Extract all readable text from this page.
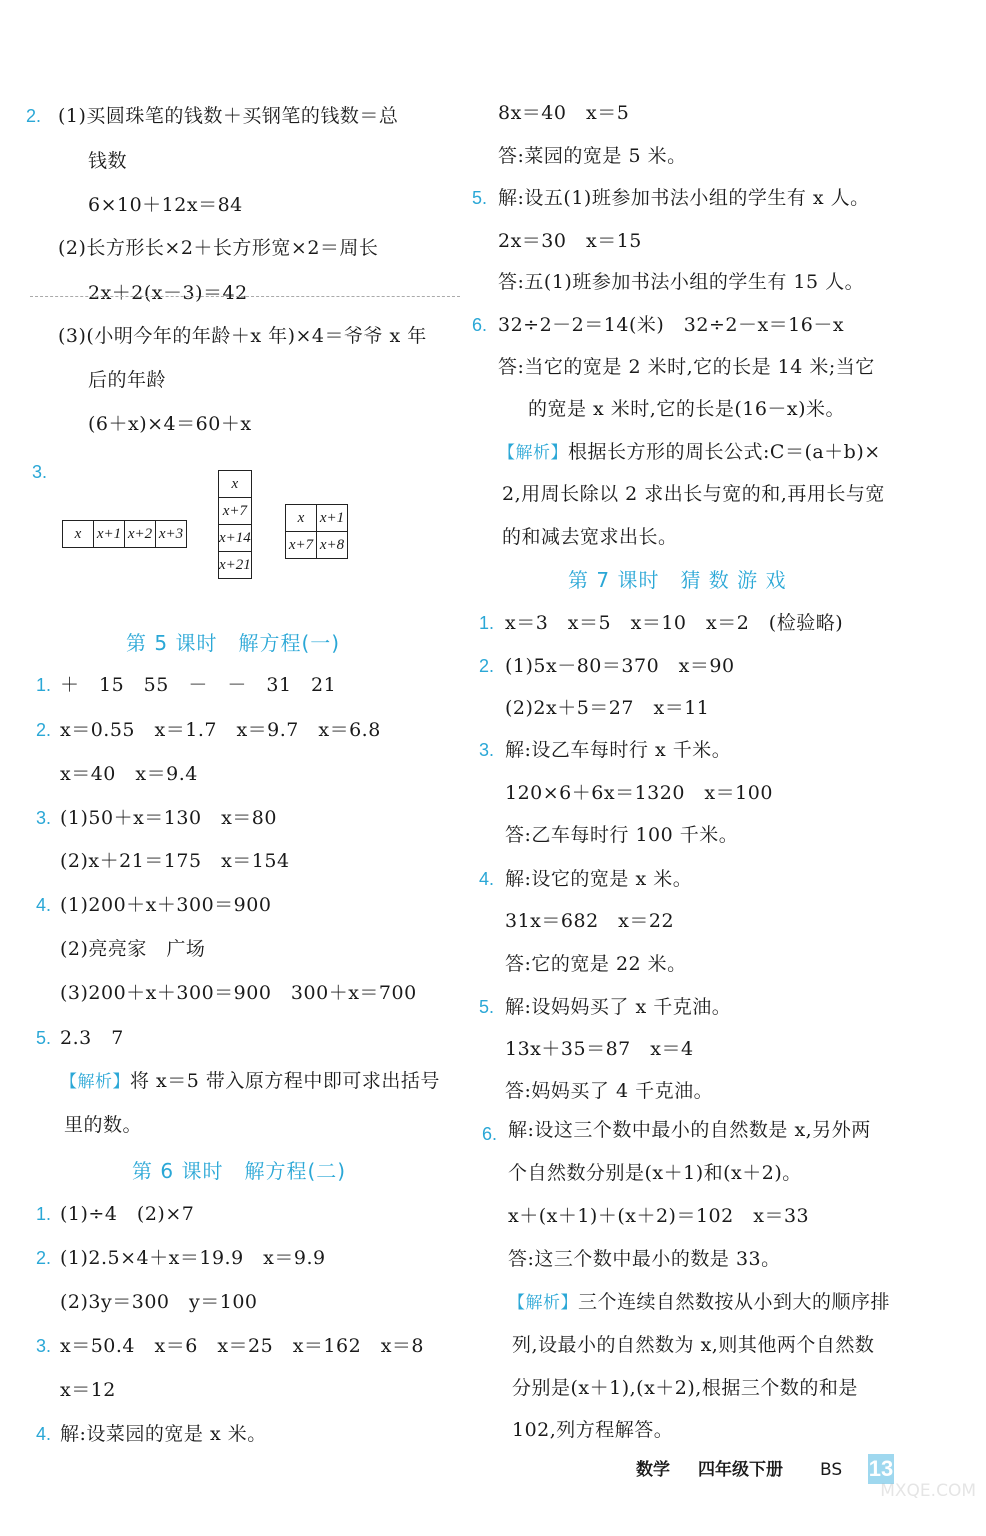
2. (1)买圆珠笔的钱数＋买钢笔的钱数＝总
钱数
6×10＋12x＝84
(2)长方形长×2＋长方形宽×2＝周长
2x＋2(x－3)＝42
(3)(小明今年的年龄＋x 年)×4＝爷爷 x 年
后的年龄
(6＋x)×4＝60＋x
3.
x	x+1	x+2	x+3
x
x+7
x+14
x+21
x	x+1
x+7	x+8
第 5 课时　解方程(一)
1. ＋　15　55　－　－　31　21
2. x＝0.55　x＝1.7　x＝9.7　x＝6.8
x＝40　x＝9.4
3. (1)50＋x＝130　x＝80
(2)x＋21＝175　x＝154
4. (1)200＋x＋300＝900
(2)亮亮家　广场
(3)200＋x＋300＝900　300＋x＝700
5. 2.3　7
【解析】将 x＝5 带入原方程中即可求出括号
里的数。
第 6 课时　解方程(二)
1. (1)÷4　(2)×7
2. (1)2.5×4＋x＝19.9　x＝9.9
(2)3y＝300　y＝100
3. x＝50.4　x＝6　x＝25　x＝162　x＝8
x＝12
4. 解:设菜园的宽是 x 米。
8x＝40　x＝5
答:菜园的宽是 5 米。
5. 解:设五(1)班参加书法小组的学生有 x 人。
2x＝30　x＝15
答:五(1)班参加书法小组的学生有 15 人。
6. 32÷2－2＝14(米)　32÷2－x＝16－x
答:当它的宽是 2 米时,它的长是 14 米;当它
的宽是 x 米时,它的长是(16－x)米。
【解析】根据长方形的周长公式:C＝(a＋b)×
2,用周长除以 2 求出长与宽的和,再用长与宽
的和减去宽求出长。
第 7 课时　猜 数 游 戏
1. x＝3　x＝5　x＝10　x＝2　(检验略)
2. (1)5x－80＝370　x＝90
(2)2x＋5＝27　x＝11
3. 解:设乙车每时行 x 千米。
120×6＋6x＝1320　x＝100
答:乙车每时行 100 千米。
4. 解:设它的宽是 x 米。
31x＝682　x＝22
答:它的宽是 22 米。
5. 解:设妈妈买了 x 千克油。
13x＋35＝87　x＝4
答:妈妈买了 4 千克油。
6. 解:设这三个数中最小的自然数是 x,另外两
个自然数分别是(x＋1)和(x＋2)。
x＋(x＋1)＋(x＋2)＝102　x＝33
答:这三个数中最小的数是 33。
【解析】三个连续自然数按从小到大的顺序排
列,设最小的自然数为 x,则其他两个自然数
分别是(x＋1),(x＋2),根据三个数的和是
102,列方程解答。
数学 四年级下册 BS 13
MXQE.COM
